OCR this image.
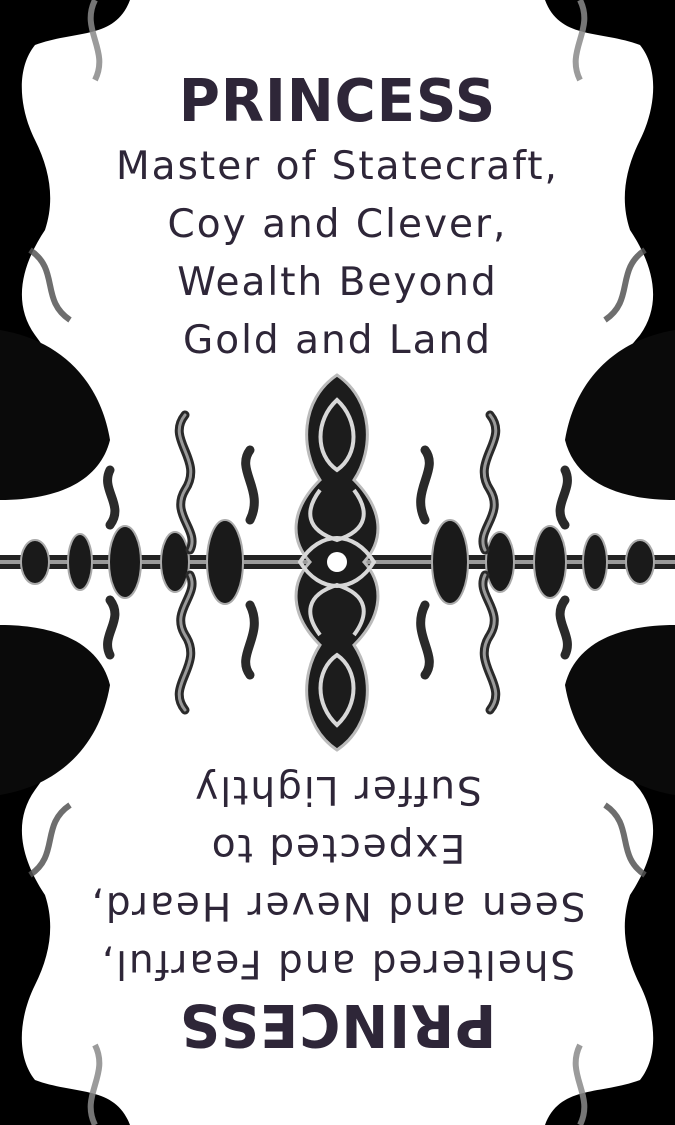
PRINCESS
Master of Statecraft,
Coy and Clever,
Wealth Beyond
Gold and Land
PRINCESS
Sheltered and Fearful,
Seen and Never Heard,
Expected to
Suffer Lightly
